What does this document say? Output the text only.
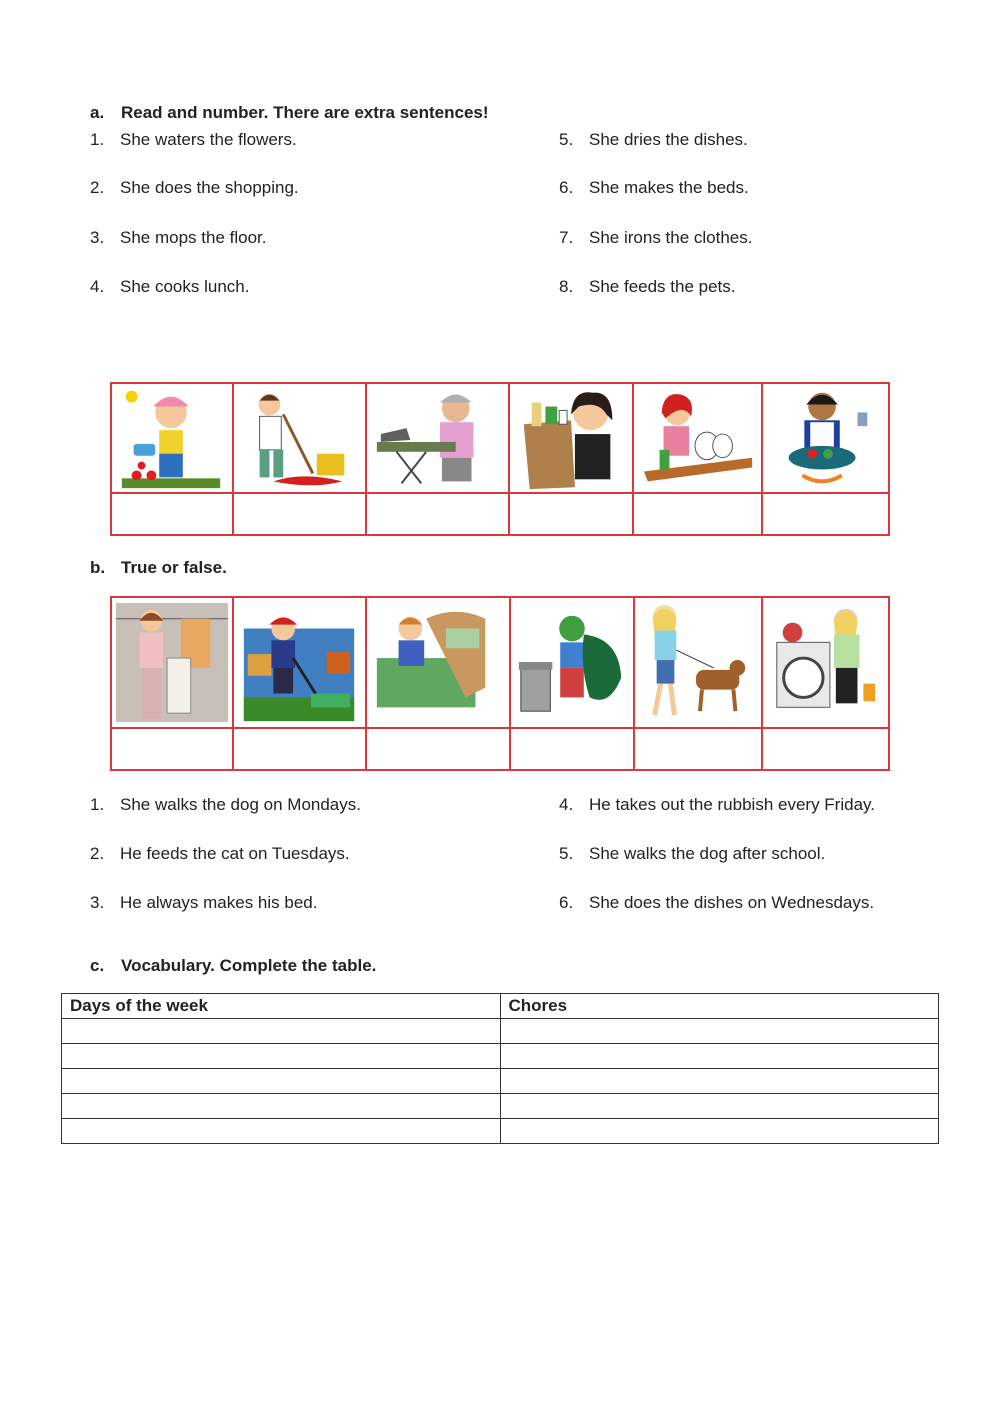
a. Read and number. There are extra sentences!
1. She waters the flowers.
2. She does the shopping.
3. She mops the floor.
4. She cooks lunch.
5. She dries the dishes.
6. She makes the beds.
7. She irons the clothes.
8. She feeds the pets.

b. True or false.

1. She walks the dog on Mondays.
2. He feeds the cat on Tuesdays.
3. He always makes his bed.
4. He takes out the rubbish every Friday.
5. She walks the dog after school.
6. She does the dishes on Wednesdays.
c. Vocabulary. Complete the table.
Days of the week	Chores
